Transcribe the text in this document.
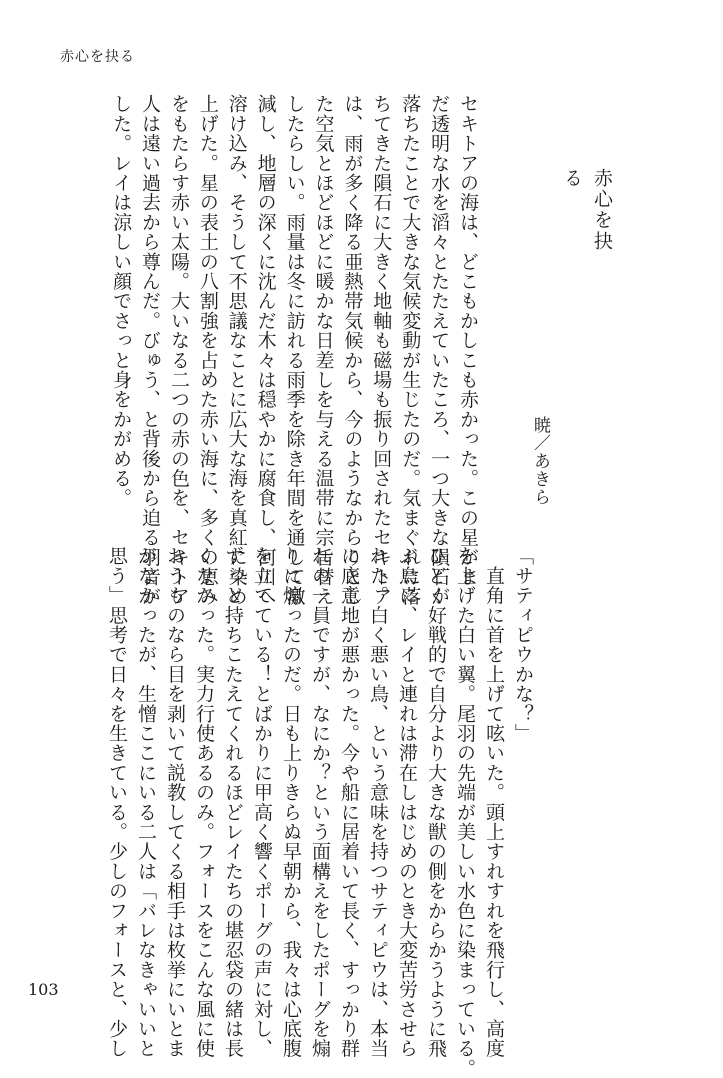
赤心を抉る
赤心を抉る
暁／あきら
セキトアの海は、どこもかしこも赤かった。この星がま
だ透明な水を滔々とたたえていたころ、一つ大きな隕石が
落ちたことで大きな気候変動が生じたのだ。気まぐれに落
ちてきた隕石に大きく地軸も磁場も振り回されたセキトア
は、雨が多く降る亜熱帯気候から、今のようなからりとし
た空気とほどほどに暖かな日差しを与える温帯に宗旨替え
したらしい。雨量は冬に訪れる雨季を除き年間を通して激
減し、地層の深くに沈んだ木々は穏やかに腐食し、河川へ
溶け込み、そうして不思議なことに広大な海を真紅に染め
上げた。星の表土の八割強を占めた赤い海に、多くの恵み
をもたらす赤い太陽。大いなる二つの赤の色を、セキトア
人は遠い過去から尊んだ。びゅう、と背後から迫る羽音が
した。レイは涼しい顔でさっと身をかがめる。
「サティピウかな？」
　直角に首を上げて呟いた。頭上すれすれを飛行し、高度
を上げた白い翼。尾羽の先端が美しい水色に染まっている。
ひどく好戦的で自分より大きな獣の側をからかうように飛
ぶ鳥に、レイと連れは滞在しはじめのとき大変苦労させら
れた。白く悪い鳥、という意味を持つサティピウは、本当
に底意地が悪かった。今や船に居着いて長く、すっかり群
れの一員ですが、なにか？という面構えをしたポーグを煽
りに煽ったのだ。日も上りきらぬ早朝から、我々は心底腹
を立てている！とばかりに甲高く響くポーグの声に対し、
ずっと持ちこたえてくれるほどレイたちの堪忍袋の緒は長
くなかった。実力行使あるのみ。フォースをこんな風に使
おうものなら目を剥いて説教してくる相手は枚挙にいとま
がなかったが、生憎ここにいる二人は「バレなきゃいいと
思う」思考で日々を生きている。少しのフォースと、少し
103
